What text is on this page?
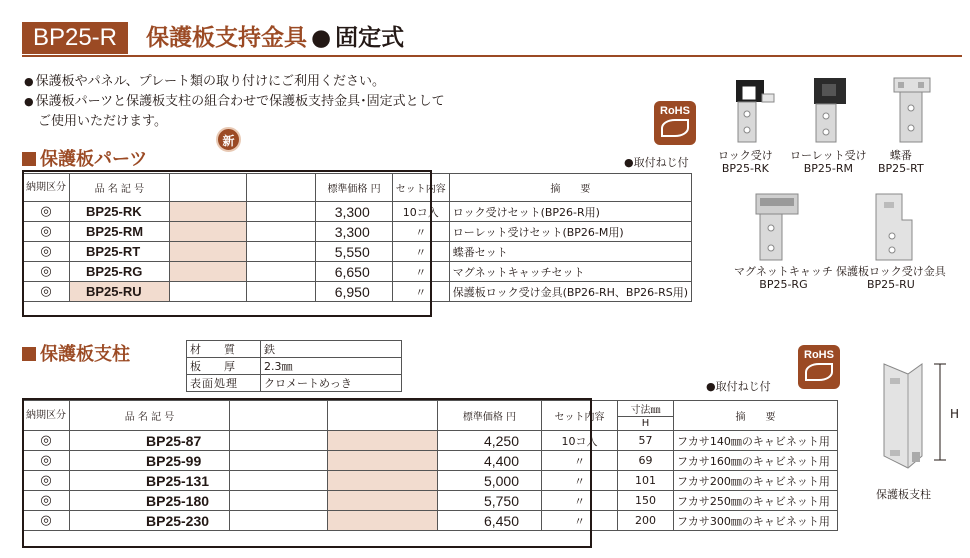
BP25-R	保護板支持金具 ● 固定式
● 保護板やパネル、プレート類の取り付けにご利用ください。
● 保護板パーツと保護板支柱の組合わせで保護板支持金具･固定式として
ご使用いただけます。
RoHS
●取付ねじ付
保護板パーツ
新
納期区分	品 名 記 号			標準価格 円	セット内容	摘　　要
◎	BP25-RK			3,300	10コ入	ロック受けセット(BP26-R用)
◎	BP25-RM			3,300	〃	ローレット受けセット(BP26-M用)
◎	BP25-RT			5,550	〃	蝶番セット
◎	BP25-RG			6,650	〃	マグネットキャッチセット
◎	BP25-RU			6,950	〃	保護板ロック受け金具(BP26-RH、BP26-RS用)
ロック受け
BP25-RK
ローレット受け
BP25-RM
蝶番
BP25-RT
マグネットキャッチ
BP25-RG
保護板ロック受け金具
BP25-RU
保護板支柱	材　質	鉄
板　厚	2.3㎜
表面処理	クロメートめっき
RoHS
●取付ねじ付
納期区分	品 名 記 号			標準価格 円	セット内容	寸法㎜	摘　　要
						H	
◎	BP25-87			4,250	10コ入	57	フカサ140㎜のキャビネット用
◎	BP25-99			4,400	〃	69	フカサ160㎜のキャビネット用
◎	BP25-131			5,000	〃	101	フカサ200㎜のキャビネット用
◎	BP25-180			5,750	〃	150	フカサ250㎜のキャビネット用
◎	BP25-230			6,450	〃	200	フカサ300㎜のキャビネット用
H
保護板支柱
